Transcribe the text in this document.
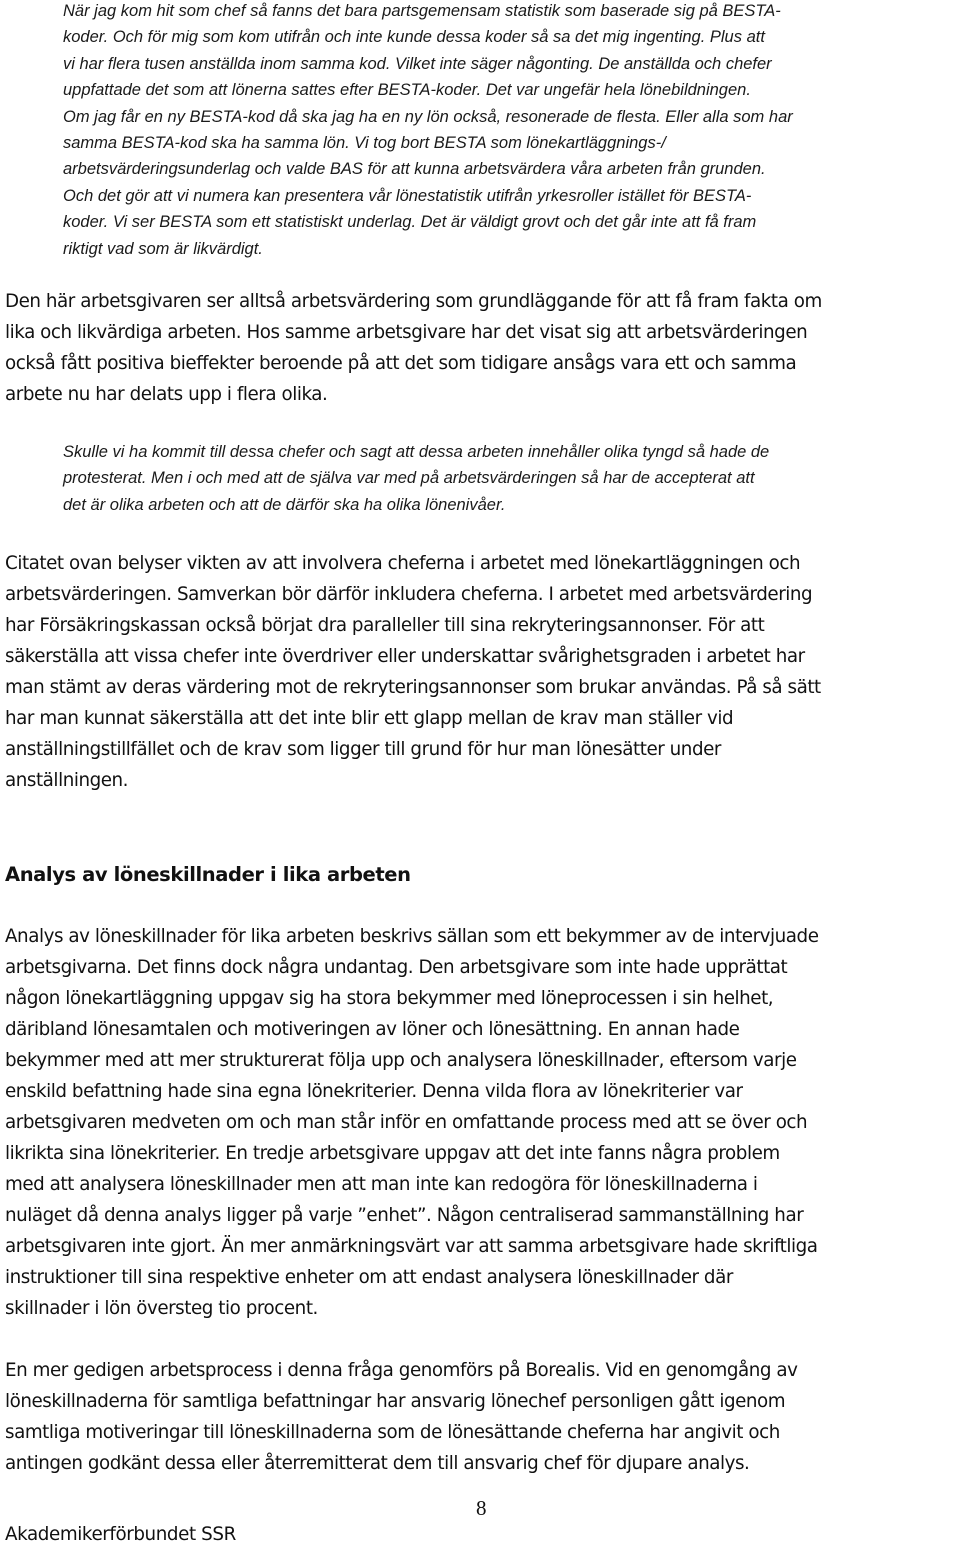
När jag kom hit som chef så fanns det bara partsgemensam statistik som baserade sig på BESTA-
koder. Och för mig som kom utifrån och inte kunde dessa koder så sa det mig ingenting. Plus att
vi har flera tusen anställda inom samma kod. Vilket inte säger någonting. De anställda och chefer
uppfattade det som att lönerna sattes efter BESTA-koder. Det var ungefär hela lönebildningen.
Om jag får en ny BESTA-kod då ska jag ha en ny lön också, resonerade de flesta. Eller alla som har
samma BESTA-kod ska ha samma lön. Vi tog bort BESTA som lönekartläggnings-/
arbetsvärderingsunderlag och valde BAS för att kunna arbetsvärdera våra arbeten från grunden.
Och det gör att vi numera kan presentera vår lönestatistik utifrån yrkesroller istället för BESTA-
koder. Vi ser BESTA som ett statistiskt underlag. Det är väldigt grovt och det går inte att få fram
riktigt vad som är likvärdigt.
Den här arbetsgivaren ser alltså arbetsvärdering som grundläggande för att få fram fakta om
lika och likvärdiga arbeten. Hos samme arbetsgivare har det visat sig att arbetsvärderingen
också fått positiva bieffekter beroende på att det som tidigare ansågs vara ett och samma
arbete nu har delats upp i flera olika.
Skulle vi ha kommit till dessa chefer och sagt att dessa arbeten innehåller olika tyngd så hade de
protesterat. Men i och med att de själva var med på arbetsvärderingen så har de accepterat att
det är olika arbeten och att de därför ska ha olika lönenivåer.
Citatet ovan belyser vikten av att involvera cheferna i arbetet med lönekartläggningen och
arbetsvärderingen. Samverkan bör därför inkludera cheferna. I arbetet med arbetsvärdering
har Försäkringskassan också börjat dra paralleller till sina rekryteringsannonser. För att
säkerställa att vissa chefer inte överdriver eller underskattar svårighetsgraden i arbetet har
man stämt av deras värdering mot de rekryteringsannonser som brukar användas. På så sätt
har man kunnat säkerställa att det inte blir ett glapp mellan de krav man ställer vid
anställningstillfället och de krav som ligger till grund för hur man lönesätter under
anställningen.
Analys av löneskillnader i lika arbeten
Analys av löneskillnader för lika arbeten beskrivs sällan som ett bekymmer av de intervjuade
arbetsgivarna. Det finns dock några undantag. Den arbetsgivare som inte hade upprättat
någon lönekartläggning uppgav sig ha stora bekymmer med löneprocessen i sin helhet,
däribland lönesamtalen och motiveringen av löner och lönesättning. En annan hade
bekymmer med att mer strukturerat följa upp och analysera löneskillnader, eftersom varje
enskild befattning hade sina egna lönekriterier. Denna vilda flora av lönekriterier var
arbetsgivaren medveten om och man står inför en omfattande process med att se över och
likrikta sina lönekriterier. En tredje arbetsgivare uppgav att det inte fanns några problem
med att analysera löneskillnader men att man inte kan redogöra för löneskillnaderna i
nuläget då denna analys ligger på varje ”enhet”. Någon centraliserad sammanställning har
arbetsgivaren inte gjort. Än mer anmärkningsvärt var att samma arbetsgivare hade skriftliga
instruktioner till sina respektive enheter om att endast analysera löneskillnader där
skillnader i lön översteg tio procent.
En mer gedigen arbetsprocess i denna fråga genomförs på Borealis. Vid en genomgång av
löneskillnaderna för samtliga befattningar har ansvarig lönechef personligen gått igenom
samtliga motiveringar till löneskillnaderna som de lönesättande cheferna har angivit och
antingen godkänt dessa eller återremitterat dem till ansvarig chef för djupare analys.
8
Akademikerförbundet SSR
